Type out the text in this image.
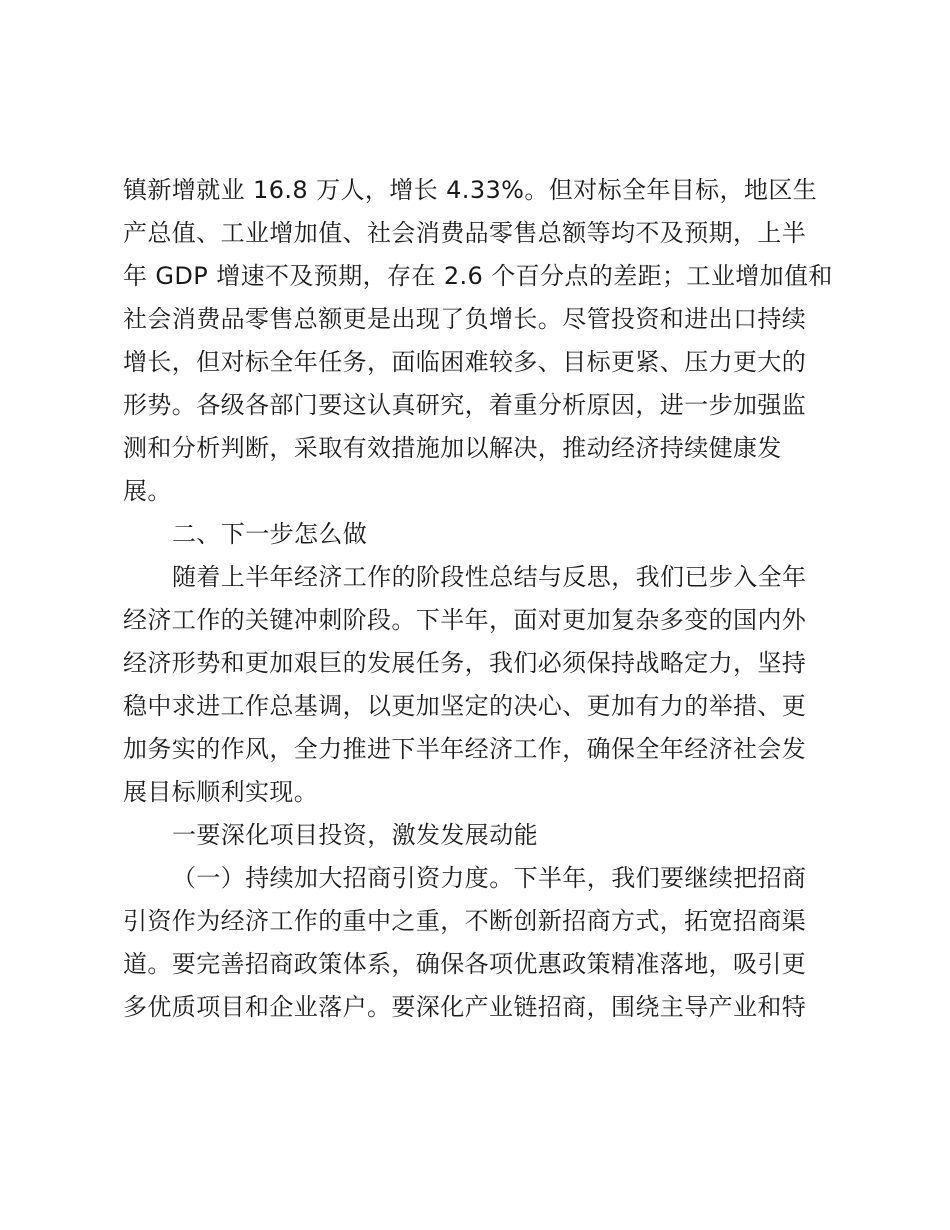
镇新增就业 16.8 万人，增长 4.33%。但对标全年目标，地区生
产总值、工业增加值、社会消费品零售总额等均不及预期，上半
年 GDP 增速不及预期，存在 2.6 个百分点的差距；工业增加值和
社会消费品零售总额更是出现了负增长。尽管投资和进出口持续
增长，但对标全年任务，面临困难较多、目标更紧、压力更大的
形势。各级各部门要这认真研究，着重分析原因，进一步加强监
测和分析判断，采取有效措施加以解决，推动经济持续健康发
展。
二、下一步怎么做
随着上半年经济工作的阶段性总结与反思，我们已步入全年
经济工作的关键冲刺阶段。下半年，面对更加复杂多变的国内外
经济形势和更加艰巨的发展任务，我们必须保持战略定力，坚持
稳中求进工作总基调，以更加坚定的决心、更加有力的举措、更
加务实的作风，全力推进下半年经济工作，确保全年经济社会发
展目标顺利实现。
一要深化项目投资，激发发展动能
（一）持续加大招商引资力度。下半年，我们要继续把招商
引资作为经济工作的重中之重，不断创新招商方式，拓宽招商渠
道。要完善招商政策体系，确保各项优惠政策精准落地，吸引更
多优质项目和企业落户。要深化产业链招商，围绕主导产业和特
